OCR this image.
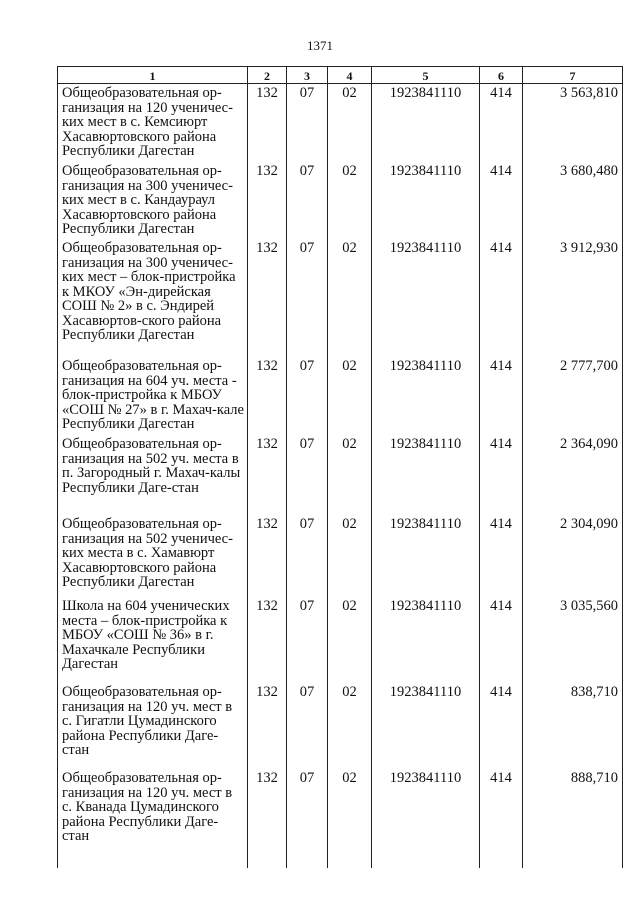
1371
1	2	3	4	5	6	7
Общеобразовательная ор-ганизация на 120 ученичес-ких мест в с. Кемсиюрт Хасавюртовского района Республики Дагестан	132	07	02	1923841110	414	3 563,810
Общеобразовательная ор-ганизация на 300 ученичес-ких мест в с. Кандаураул Хасавюртовского района Республики Дагестан	132	07	02	1923841110	414	3 680,480
Общеобразовательная ор-ганизация на 300 ученичес-ких мест – блок-пристройка к МКОУ «Эн-дирейская СОШ № 2» в с. Эндирей Хасавюртов-ского района Республики Дагестан	132	07	02	1923841110	414	3 912,930
Общеобразовательная ор-ганизация на 604 уч. места - блок-пристройка к МБОУ «СОШ № 27» в г. Махач-кале Республики Дагестан	132	07	02	1923841110	414	2 777,700
Общеобразовательная ор-ганизация на 502 уч. места в п. Загородный г. Махач-калы Республики Даге-стан	132	07	02	1923841110	414	2 364,090
Общеобразовательная ор-ганизация на 502 ученичес-ких места в с. Хамавюрт Хасавюртовского района Республики Дагестан	132	07	02	1923841110	414	2 304,090
Школа на 604 ученических места – блок-пристройка к МБОУ «СОШ № 36» в г. Махачкале Республики Дагестан	132	07	02	1923841110	414	3 035,560
Общеобразовательная ор-ганизация на 120 уч. мест в с. Гигатли Цумадинского района Республики Даге-стан	132	07	02	1923841110	414	838,710
Общеобразовательная ор-ганизация на 120 уч. мест в с. Кванада Цумадинского района Республики Даге-стан	132	07	02	1923841110	414	888,710
